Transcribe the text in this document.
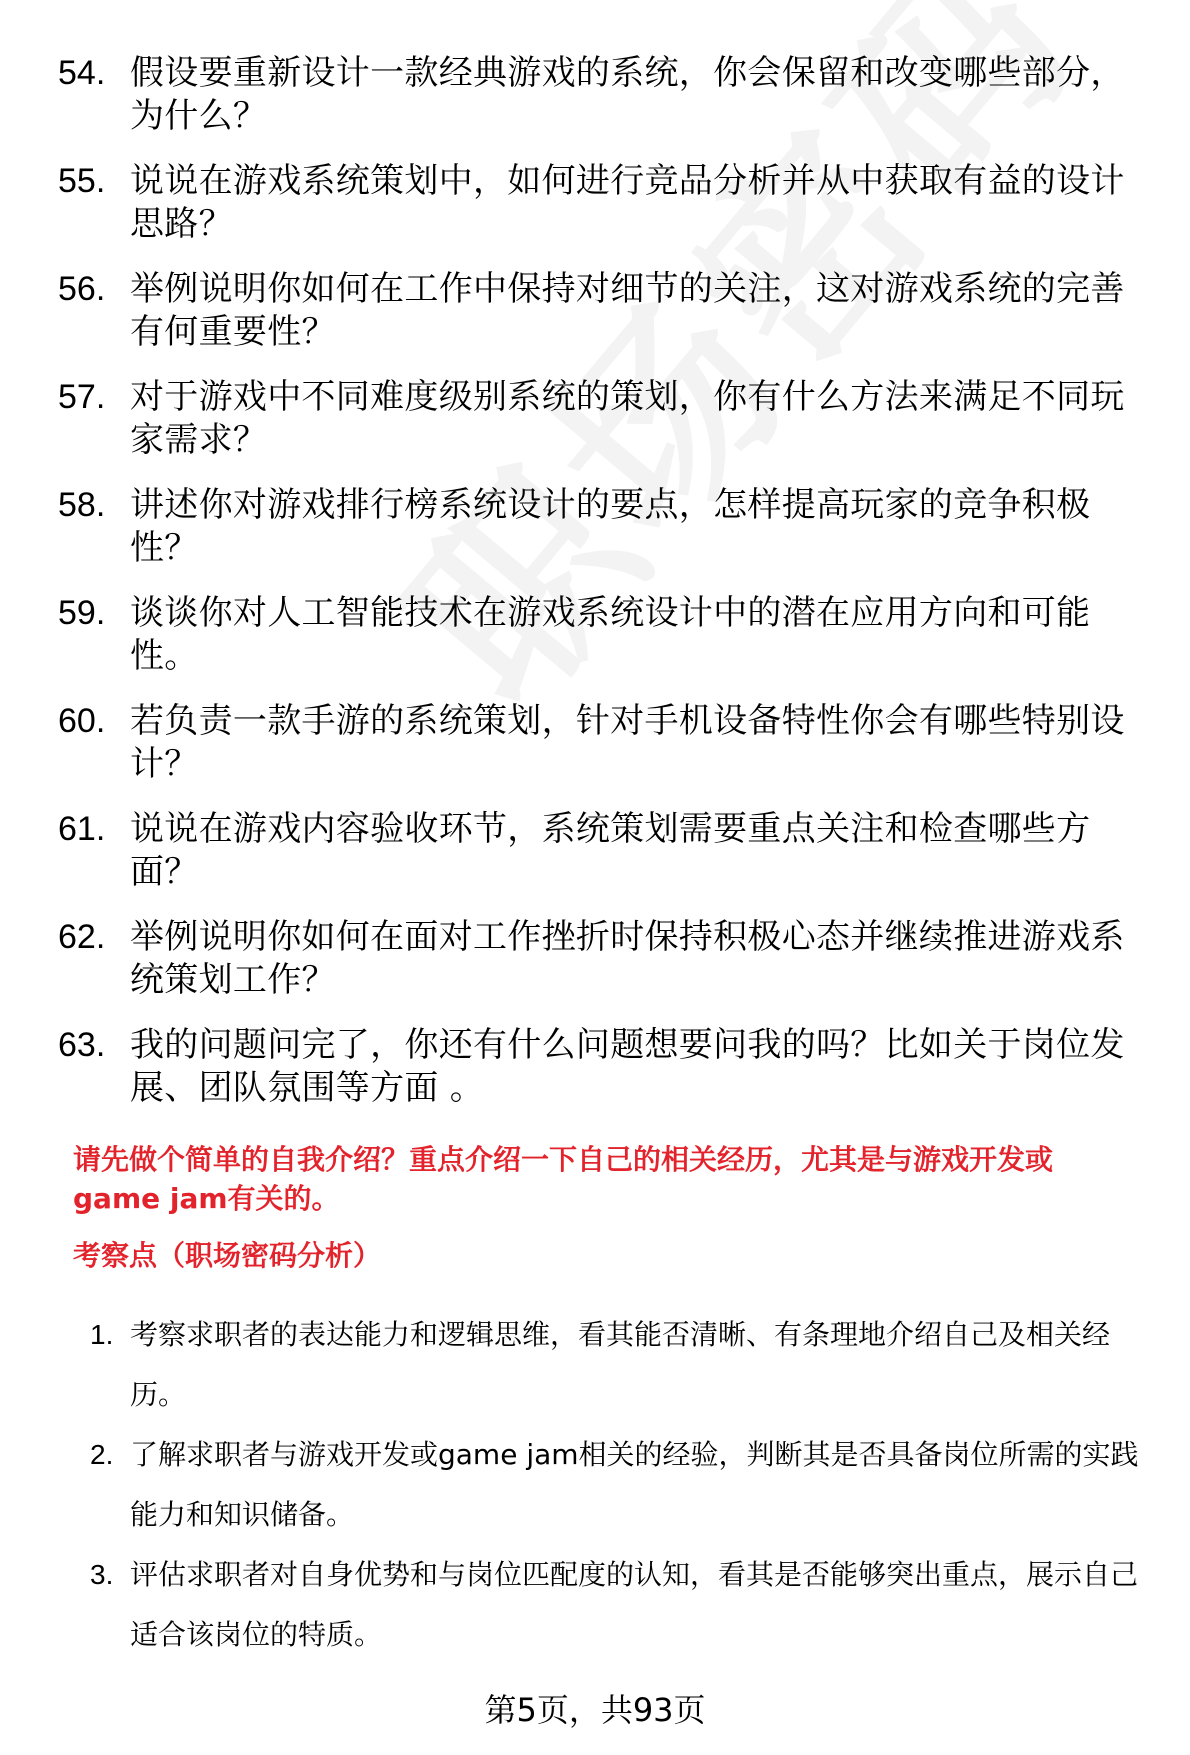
54. 假设要重新设计一款经典游戏的系统，你会保留和改变哪些部分，为什么？
55. 说说在游戏系统策划中，如何进行竞品分析并从中获取有益的设计思路？
56. 举例说明你如何在工作中保持对细节的关注，这对游戏系统的完善有何重要性？
57. 对于游戏中不同难度级别系统的策划，你有什么方法来满足不同玩家需求？
58. 讲述你对游戏排行榜系统设计的要点，怎样提高玩家的竞争积极性？
59. 谈谈你对人工智能技术在游戏系统设计中的潜在应用方向和可能性。
60. 若负责一款手游的系统策划，针对手机设备特性你会有哪些特别设计？
61. 说说在游戏内容验收环节，系统策划需要重点关注和检查哪些方面？
62. 举例说明你如何在面对工作挫折时保持积极心态并继续推进游戏系统策划工作？
63. 我的问题问完了，你还有什么问题想要问我的吗？比如关于岗位发展、团队氛围等方面 。
请先做个简单的自我介绍？重点介绍一下自己的相关经历，尤其是与游戏开发或game jam有关的。
考察点（职场密码分析）
1. 考察求职者的表达能力和逻辑思维，看其能否清晰、有条理地介绍自己及相关经历。
2. 了解求职者与游戏开发或game jam相关的经验，判断其是否具备岗位所需的实践能力和知识储备。
3. 评估求职者对自身优势和与岗位匹配度的认知，看其是否能够突出重点，展示自己适合该岗位的特质。
第5页，共93页
